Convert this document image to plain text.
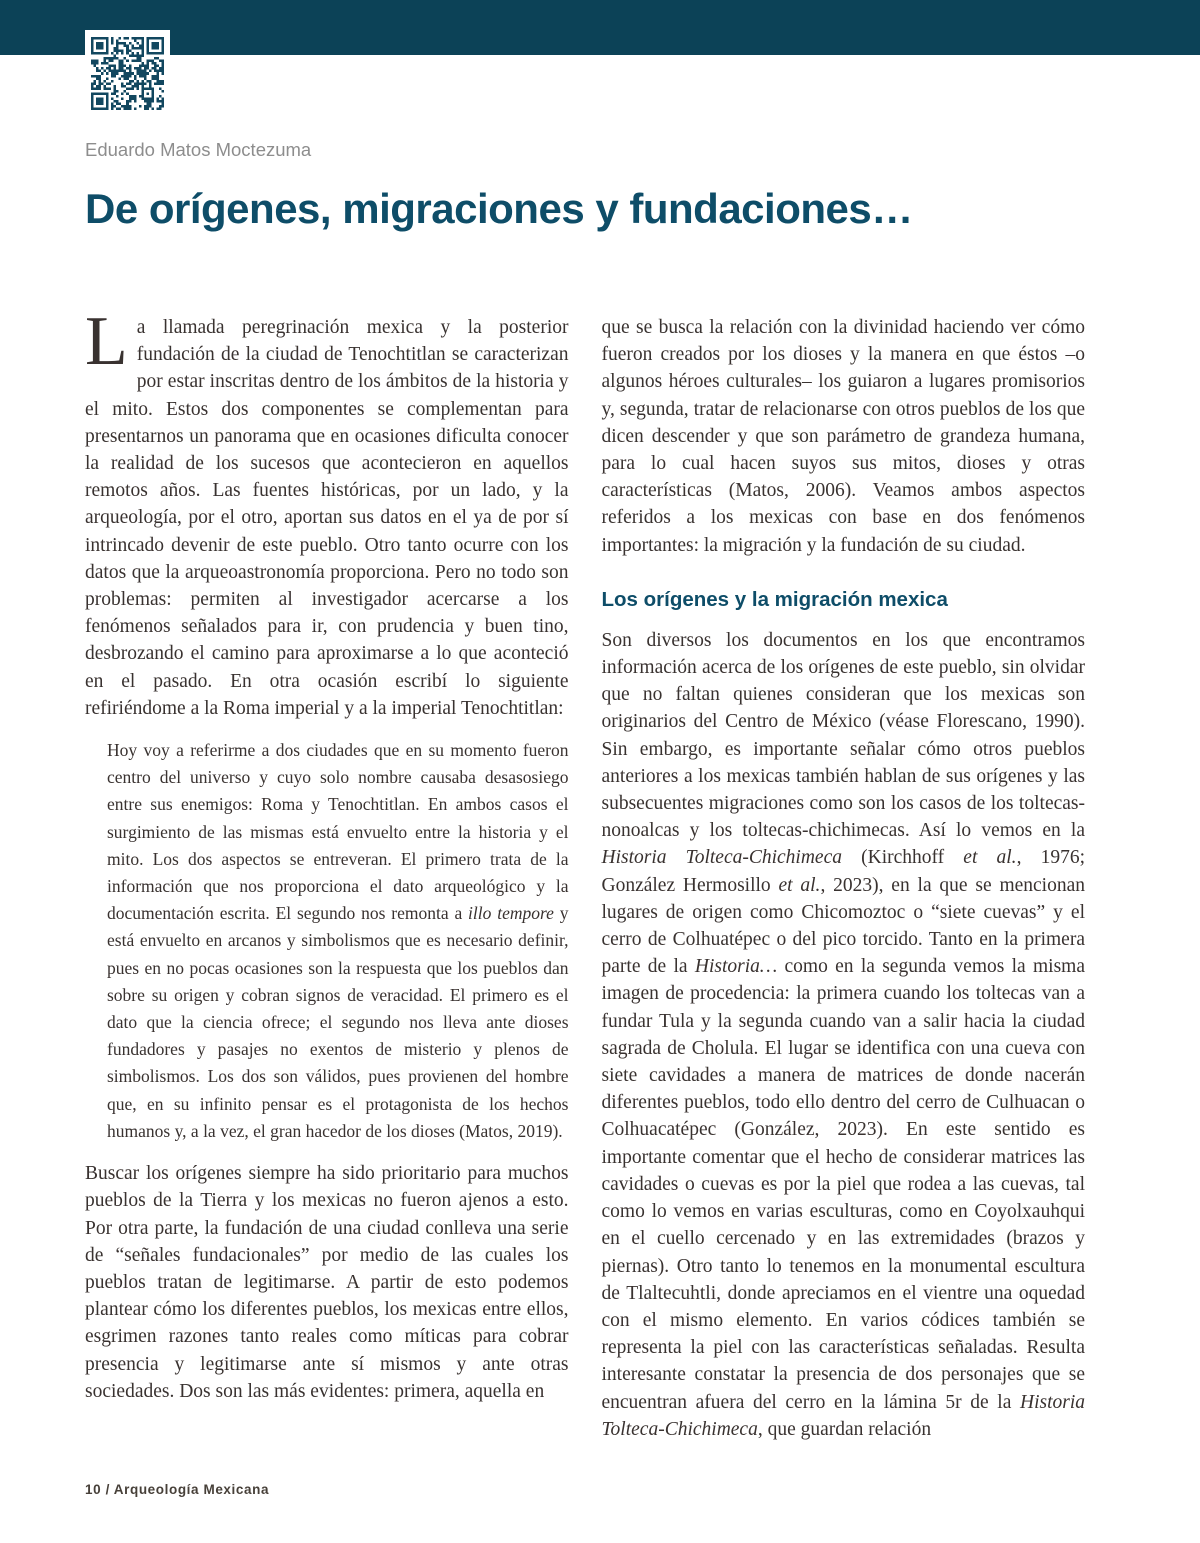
Eduardo Matos Moctezuma
De orígenes, migraciones y fundaciones…

La llamada peregrinación mexica y la posterior fundación de la ciudad de Tenochtitlan se caracterizan por estar inscritas dentro de los ámbitos de la historia y el mito. Estos dos componentes se complementan para presentarnos un panorama que en ocasiones dificulta conocer la realidad de los sucesos que acontecieron en aquellos remotos años. Las fuentes históricas, por un lado, y la arqueología, por el otro, aportan sus datos en el ya de por sí intrincado devenir de este pueblo. Otro tanto ocurre con los datos que la arqueoastronomía proporciona. Pero no todo son problemas: permiten al investigador acercarse a los fenómenos señalados para ir, con prudencia y buen tino, desbrozando el camino para aproximarse a lo que aconteció en el pasado. En otra ocasión escribí lo siguiente refiriéndome a la Roma imperial y a la imperial Tenochtitlan:

Hoy voy a referirme a dos ciudades que en su momento fueron centro del universo y cuyo solo nombre causaba desasosiego entre sus enemigos: Roma y Tenochtitlan. En ambos casos el surgimiento de las mismas está envuelto entre la historia y el mito. Los dos aspectos se entreveran. El primero trata de la información que nos proporciona el dato arqueológico y la documentación escrita. El segundo nos remonta a illo tempore y está envuelto en arcanos y simbolismos que es necesario definir, pues en no pocas ocasiones son la respuesta que los pueblos dan sobre su origen y cobran signos de veracidad. El primero es el dato que la ciencia ofrece; el segundo nos lleva ante dioses fundadores y pasajes no exentos de misterio y plenos de simbolismos. Los dos son válidos, pues provienen del hombre que, en su infinito pensar es el protagonista de los hechos humanos y, a la vez, el gran hacedor de los dioses (Matos, 2019).

Buscar los orígenes siempre ha sido prioritario para muchos pueblos de la Tierra y los mexicas no fueron ajenos a esto. Por otra parte, la fundación de una ciudad conlleva una serie de “señales fundacionales” por medio de las cuales los pueblos tratan de legitimarse. A partir de esto podemos plantear cómo los diferentes pueblos, los mexicas entre ellos, esgrimen razones tanto reales como míticas para cobrar presencia y legitimarse ante sí mismos y ante otras sociedades. Dos son las más evidentes: primera, aquella en

que se busca la relación con la divinidad haciendo ver cómo fueron creados por los dioses y la manera en que éstos –o algunos héroes culturales– los guiaron a lugares promisorios y, segunda, tratar de relacionarse con otros pueblos de los que dicen descender y que son parámetro de grandeza humana, para lo cual hacen suyos sus mitos, dioses y otras características (Matos, 2006). Veamos ambos aspectos referidos a los mexicas con base en dos fenómenos importantes: la migración y la fundación de su ciudad.

Los orígenes y la migración mexica

Son diversos los documentos en los que encontramos información acerca de los orígenes de este pueblo, sin olvidar que no faltan quienes consideran que los mexicas son originarios del Centro de México (véase Florescano, 1990). Sin embargo, es importante señalar cómo otros pueblos anteriores a los mexicas también hablan de sus orígenes y las subsecuentes migraciones como son los casos de los toltecas-nonoalcas y los toltecas-chichimecas. Así lo vemos en la Historia Tolteca-Chichimeca (Kirchhoff et al., 1976; González Hermosillo et al., 2023), en la que se mencionan lugares de origen como Chicomoztoc o “siete cuevas” y el cerro de Colhuatépec o del pico torcido. Tanto en la primera parte de la Historia… como en la segunda vemos la misma imagen de procedencia: la primera cuando los toltecas van a fundar Tula y la segunda cuando van a salir hacia la ciudad sagrada de Cholula. El lugar se identifica con una cueva con siete cavidades a manera de matrices de donde nacerán diferentes pueblos, todo ello dentro del cerro de Culhuacan o Colhuacatépec (González, 2023). En este sentido es importante comentar que el hecho de considerar matrices las cavidades o cuevas es por la piel que rodea a las cuevas, tal como lo vemos en varias esculturas, como en Coyolxauhqui en el cuello cercenado y en las extremidades (brazos y piernas). Otro tanto lo tenemos en la monumental escultura de Tlaltecuhtli, donde apreciamos en el vientre una oquedad con el mismo elemento. En varios códices también se representa la piel con las características señaladas. Resulta interesante constatar la presencia de dos personajes que se encuentran afuera del cerro en la lámina 5r de la Historia Tolteca-Chichimeca, que guardan relación

10 / Arqueología Mexicana
